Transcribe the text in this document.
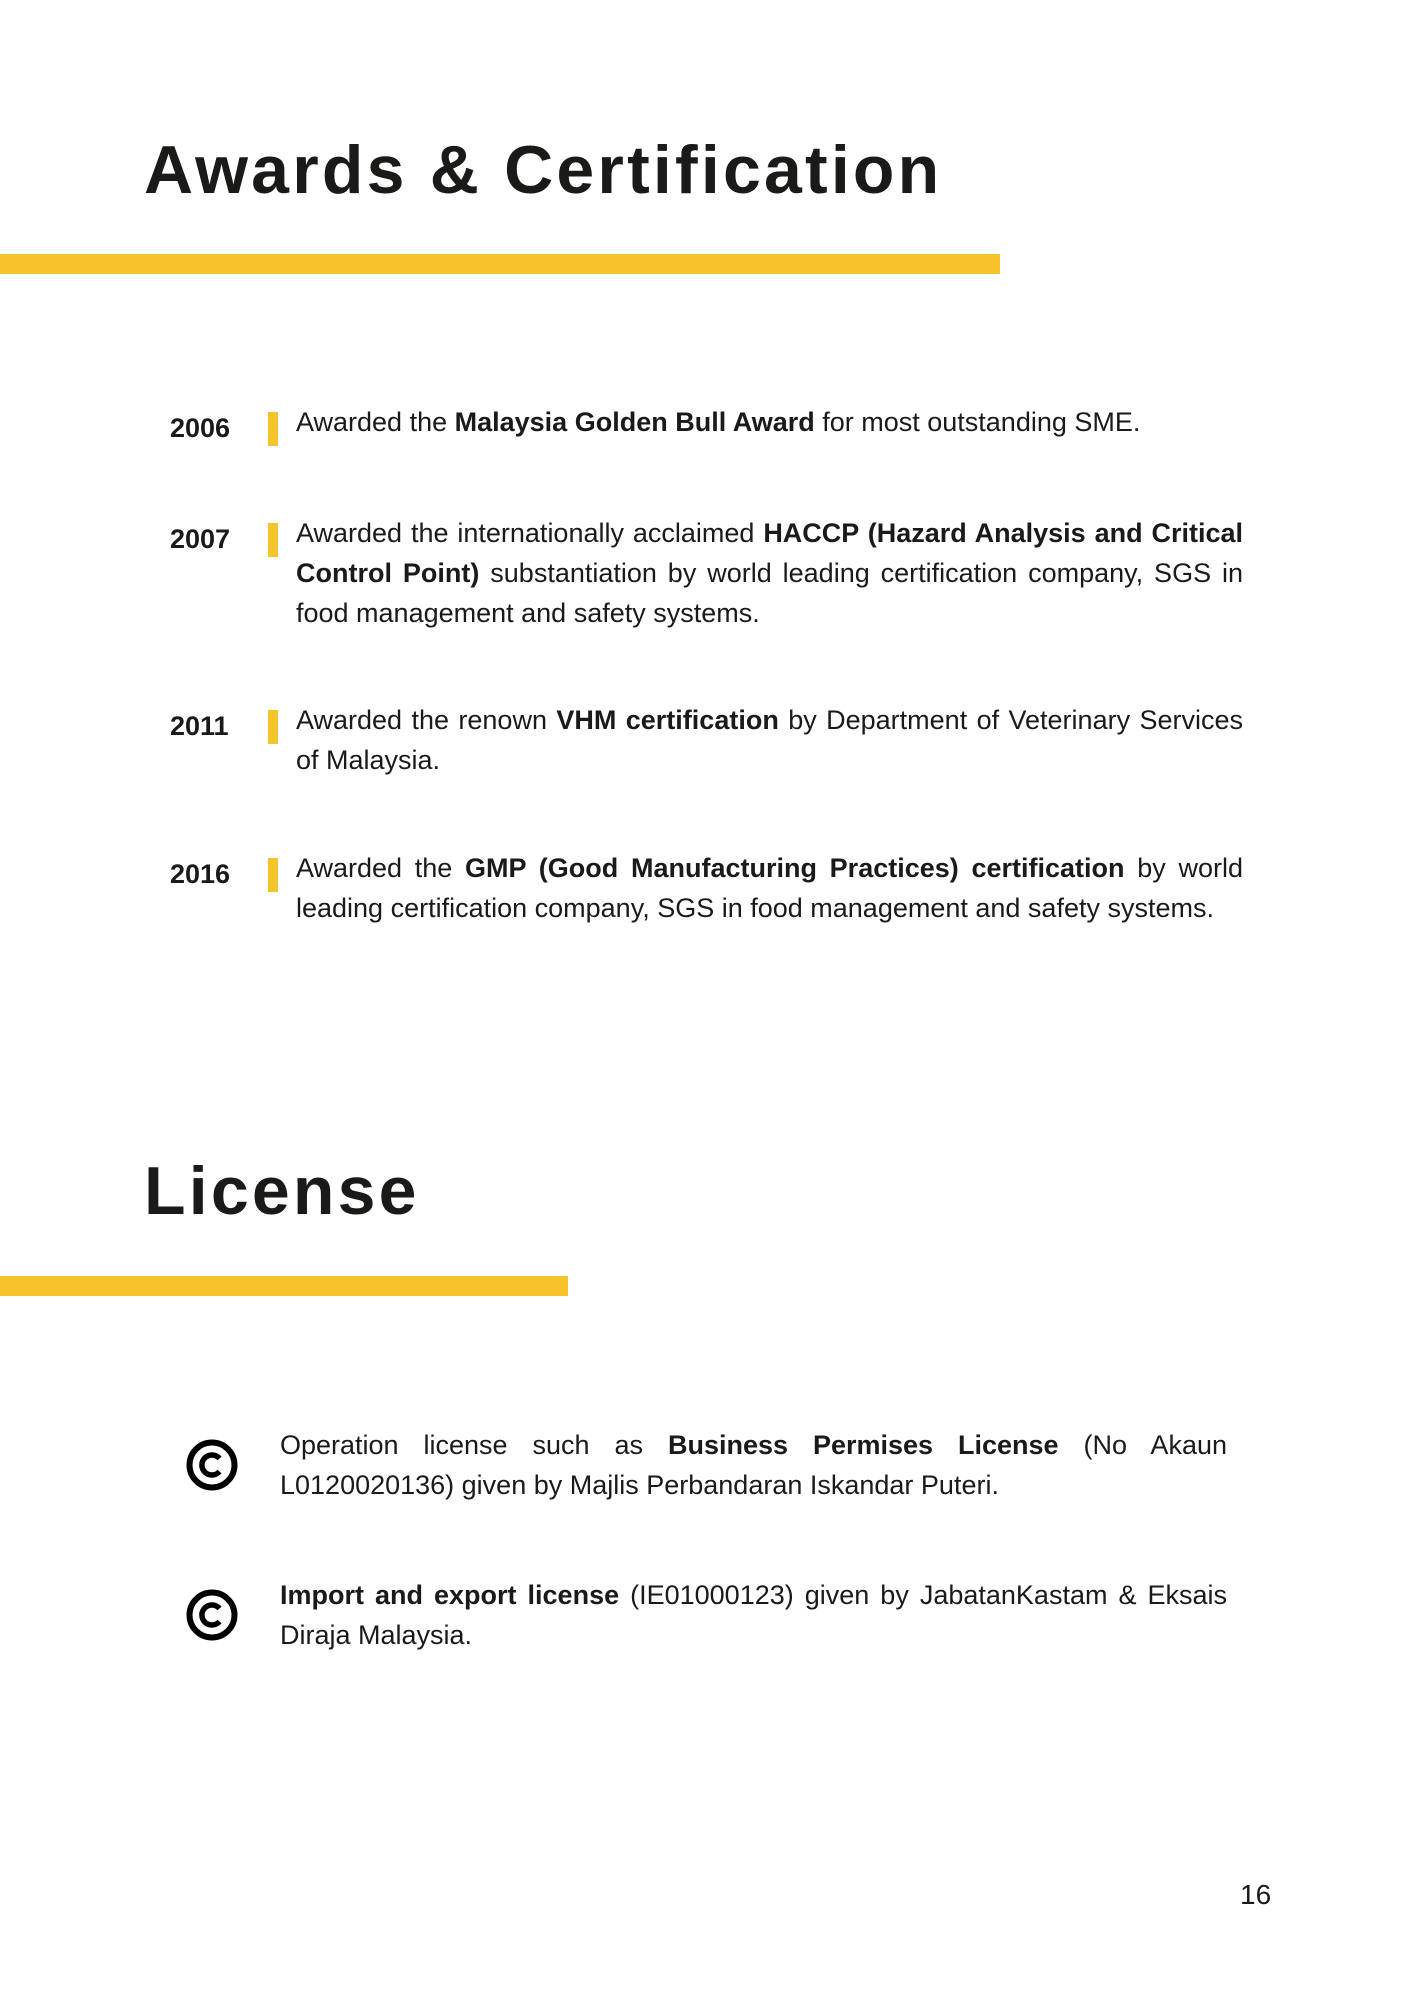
Awards & Certification
2006 Awarded the Malaysia Golden Bull Award for most outstanding SME.
2007 Awarded the internationally acclaimed HACCP (Hazard Analysis and Critical Control Point) substantiation by world leading certification company, SGS in food management and safety systems.
2011 Awarded the renown VHM certification by Department of Veterinary Services of Malaysia.
2016 Awarded the GMP (Good Manufacturing Practices) certification by world leading certification company, SGS in food management and safety systems.
License
Operation license such as Business Permises License (No Akaun L0120020136) given by Majlis Perbandaran Iskandar Puteri.
Import and export license (IE01000123) given by JabatanKastam & Eksais Diraja Malaysia.
16
